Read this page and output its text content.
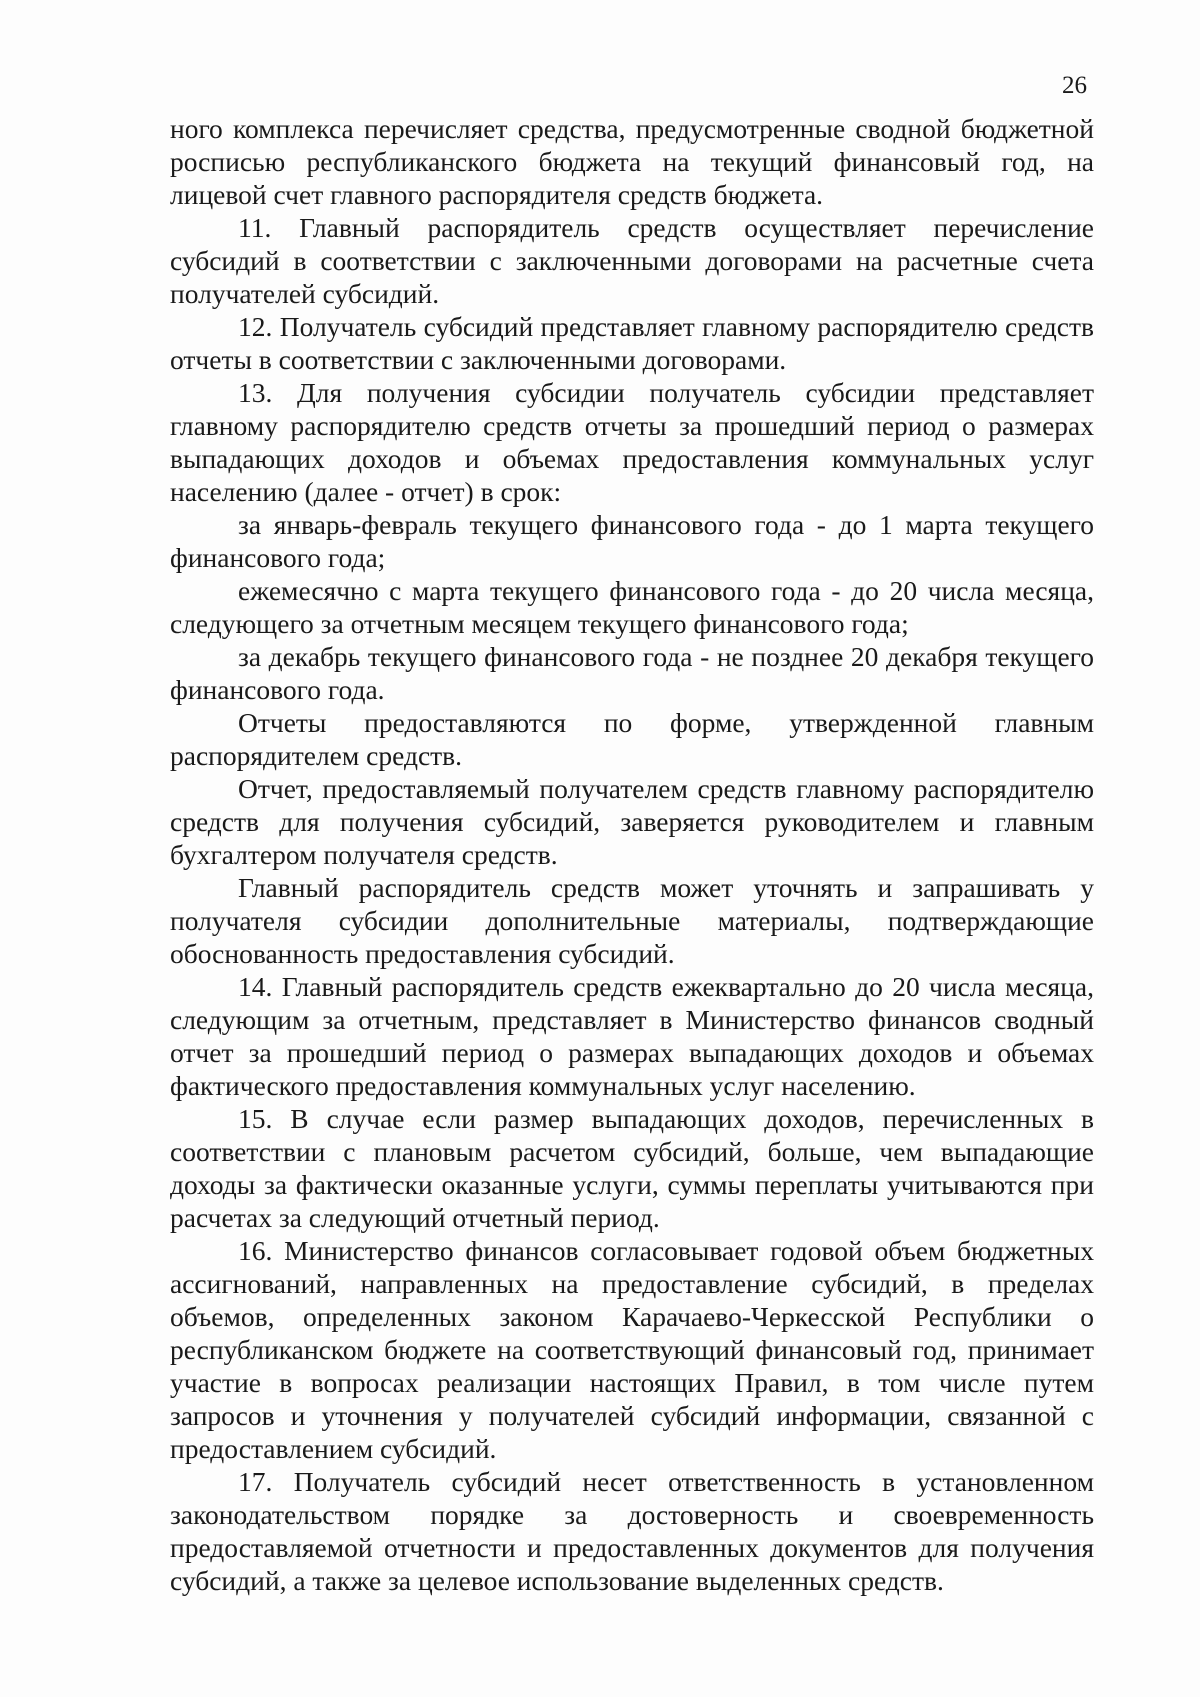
26

ного комплекса перечисляет средства, предусмотренные сводной бюджетной росписью республиканского бюджета на текущий финансовый год, на лицевой счет главного распорядителя средств бюджета.

11. Главный распорядитель средств осуществляет перечисление субсидий в соответствии с заключенными договорами на расчетные счета получателей субсидий.

12. Получатель субсидий представляет главному распорядителю средств отчеты в соответствии с заключенными договорами.

13. Для получения субсидии получатель субсидии представляет главному распорядителю средств отчеты за прошедший период о размерах выпадающих доходов и объемах предоставления коммунальных услуг населению (далее - отчет) в срок:

за январь-февраль текущего финансового года - до 1 марта текущего финансового года;

ежемесячно с марта текущего финансового года - до 20 числа месяца, следующего за отчетным месяцем текущего финансового года;

за декабрь текущего финансового года - не позднее 20 декабря текущего финансового года.

Отчеты предоставляются по форме, утвержденной главным распорядителем средств.

Отчет, предоставляемый получателем средств главному распорядителю средств для получения субсидий, заверяется руководителем и главным бухгалтером получателя средств.

Главный распорядитель средств может уточнять и запрашивать у получателя субсидии дополнительные материалы, подтверждающие обоснованность предоставления субсидий.

14. Главный распорядитель средств ежеквартально до 20 числа месяца, следующим за отчетным, представляет в Министерство финансов сводный отчет за прошедший период о размерах выпадающих доходов и объемах фактического предоставления коммунальных услуг населению.

15. В случае если размер выпадающих доходов, перечисленных в соответствии с плановым расчетом субсидий, больше, чем выпадающие доходы за фактически оказанные услуги, суммы переплаты учитываются при расчетах за следующий отчетный период.

16. Министерство финансов согласовывает годовой объем бюджетных ассигнований, направленных на предоставление субсидий, в пределах объемов, определенных законом Карачаево-Черкесской Республики о республиканском бюджете на соответствующий финансовый год, принимает участие в вопросах реализации настоящих Правил, в том числе путем запросов и уточнения у получателей субсидий информации, связанной с предоставлением субсидий.

17. Получатель субсидий несет ответственность в установленном законодательством порядке за достоверность и своевременность предоставляемой отчетности и предоставленных документов для получения субсидий, а также за целевое использование выделенных средств.
